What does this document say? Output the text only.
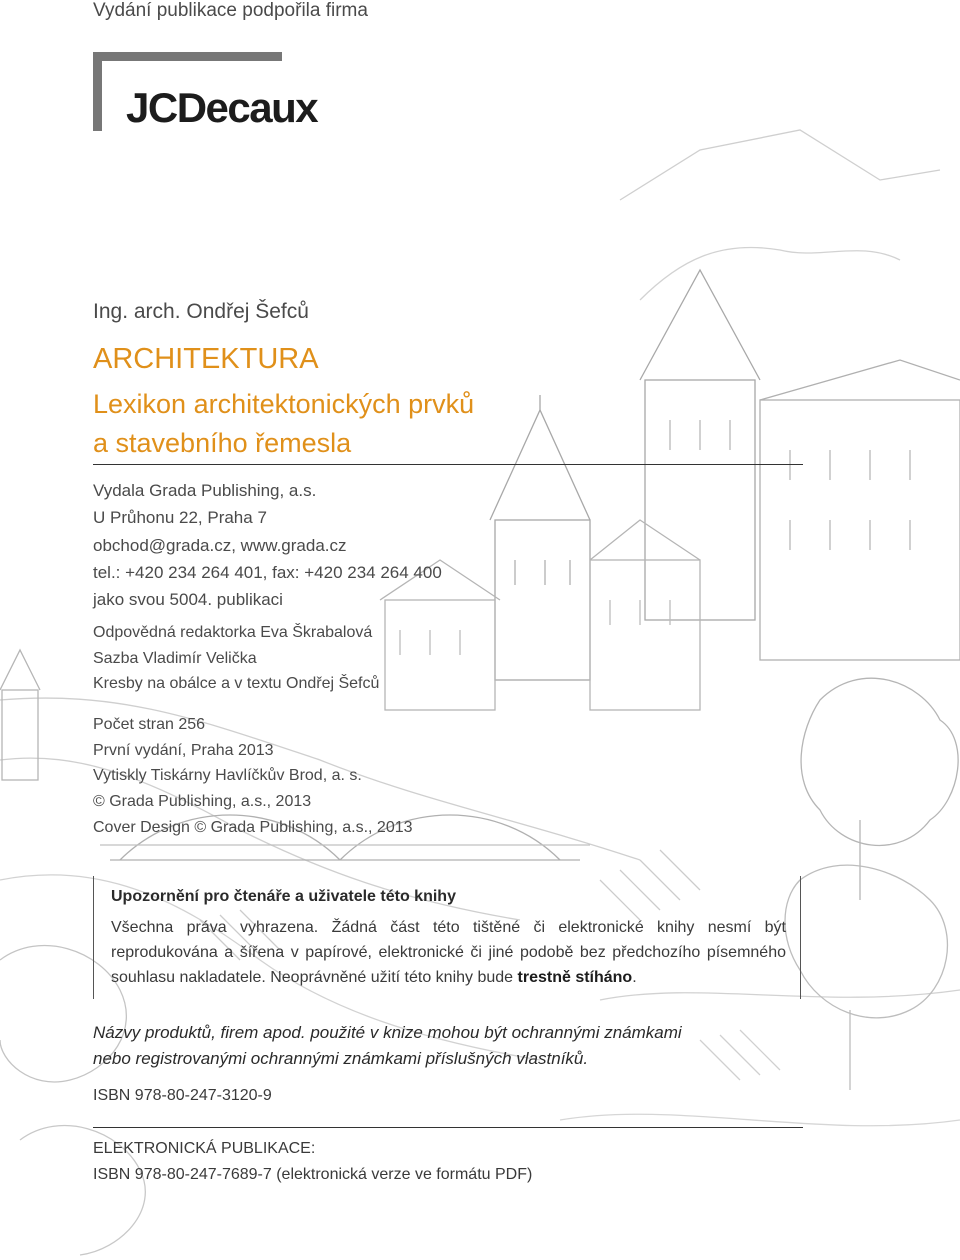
Vydání publikace podpořila firma
JCDecaux
Ing. arch. Ondřej Šefců
ARCHITEKTURA
Lexikon architektonických prvků
a stavebního řemesla
Vydala Grada Publishing, a.s.
U Průhonu 22, Praha 7
obchod@grada.cz, www.grada.cz
tel.: +420 234 264 401, fax: +420 234 264 400
jako svou 5004. publikaci
Odpovědná redaktorka Eva Škrabalová
Sazba Vladimír Velička
Kresby na obálce a v textu Ondřej Šefců
Počet stran 256
První vydání, Praha 2013
Vytiskly Tiskárny Havlíčkův Brod, a. s.
© Grada Publishing, a.s., 2013
Cover Design © Grada Publishing, a.s., 2013
Upozornění pro čtenáře a uživatele této knihy
Všechna práva vyhrazena. Žádná část této tištěné či elektronické knihy nesmí být reprodukována a šířena v papírové, elektronické či jiné podobě bez předchozího písemného souhlasu nakladatele. Neoprávněné užití této knihy bude trestně stíháno.
Názvy produktů, firem apod. použité v knize mohou být ochrannými známkami
nebo registrovanými ochrannými známkami příslušných vlastníků.
ISBN 978-80-247-3120-9
ELEKTRONICKÁ PUBLIKACE:
ISBN 978-80-247-7689-7 (elektronická verze ve formátu PDF)
